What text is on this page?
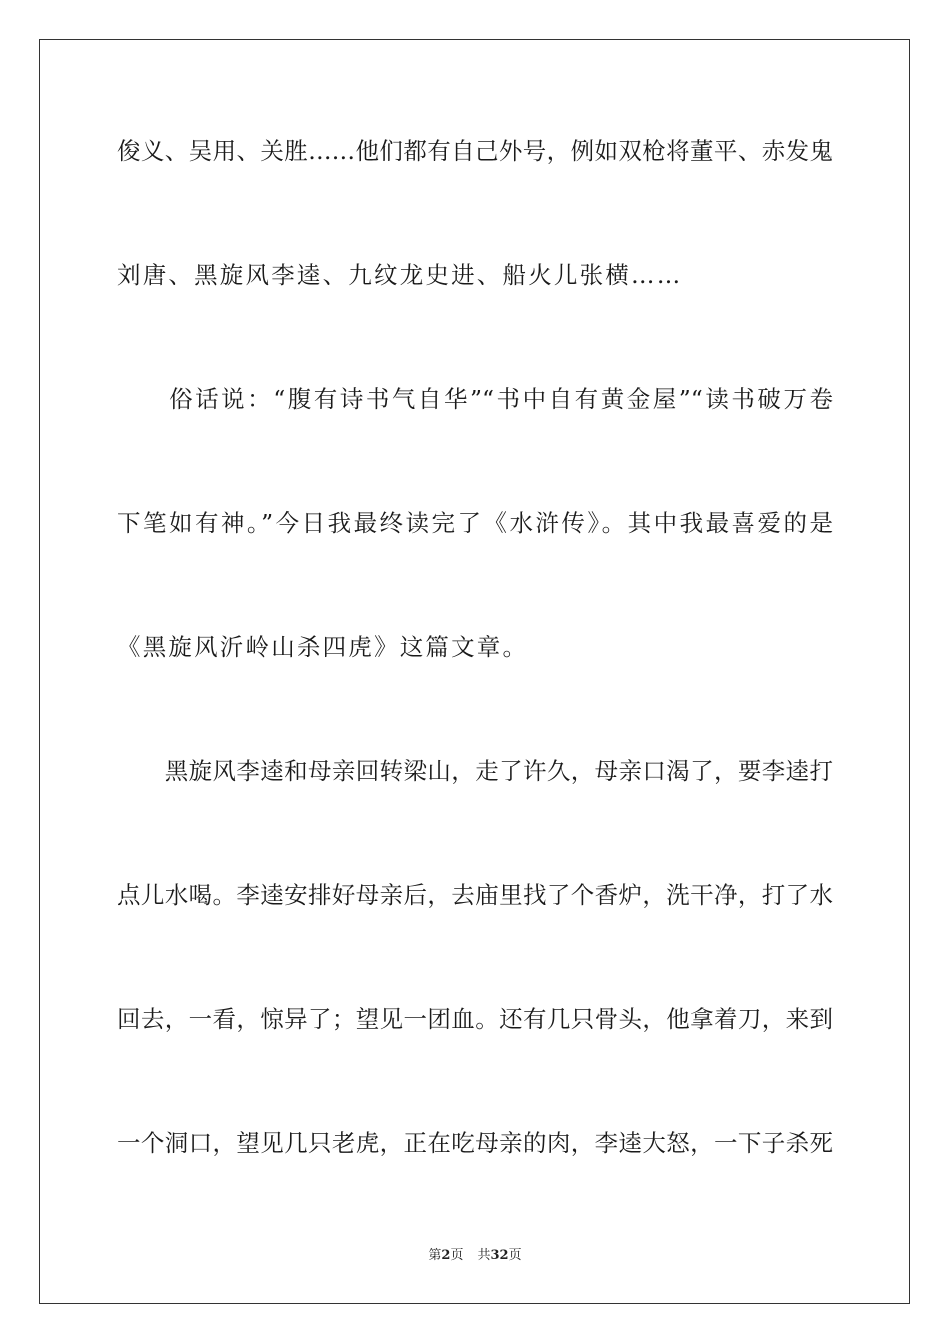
俊义、吴用、关胜……他们都有自己外号，例如双枪将董平、赤发鬼
刘唐、黑旋风李逵、九纹龙史进、船火儿张横……
　　俗话说：“腹有诗书气自华”“书中自有黄金屋”“读书破万卷
下笔如有神。”今日我最终读完了《水浒传》。其中我最喜爱的是
《黑旋风沂岭山杀四虎》这篇文章。
　　黑旋风李逵和母亲回转梁山，走了许久，母亲口渴了，要李逵打
点儿水喝。李逵安排好母亲后，去庙里找了个香炉，洗干净，打了水
回去，一看，惊异了；望见一团血。还有几只骨头，他拿着刀，来到
一个洞口，望见几只老虎，正在吃母亲的肉，李逵大怒，一下子杀死
第2页 共32页
